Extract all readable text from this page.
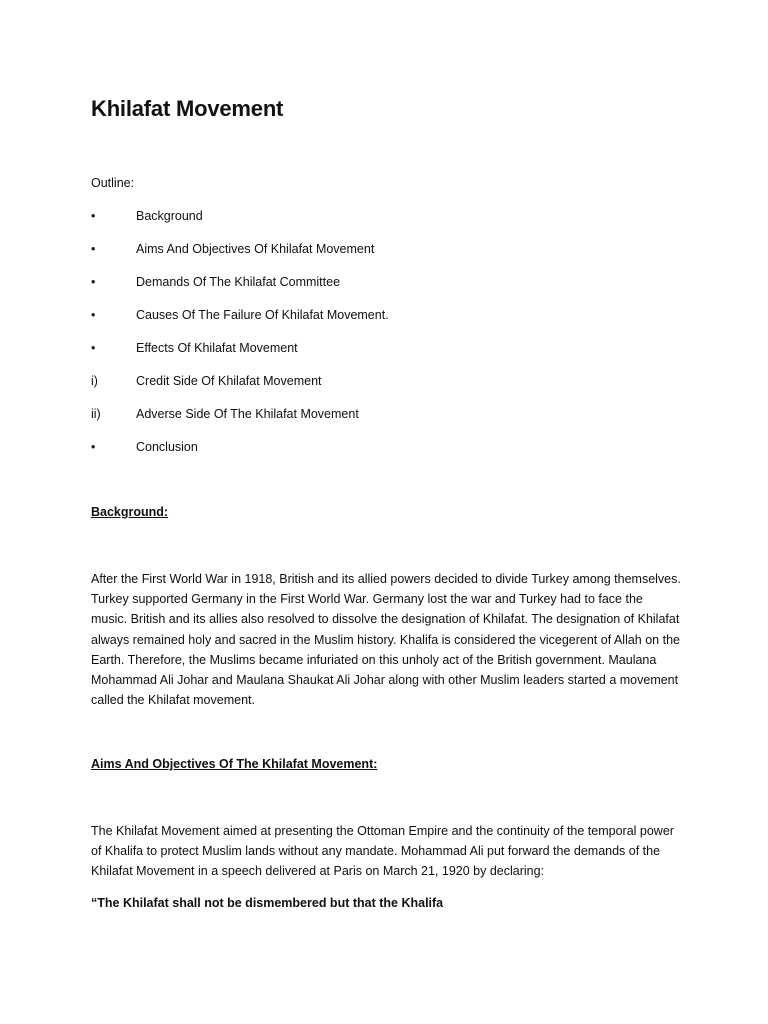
Khilafat Movement
Outline:
•	Background
•	Aims And Objectives Of Khilafat Movement
•	Demands Of The Khilafat Committee
•	Causes Of The Failure Of Khilafat Movement.
•	Effects Of Khilafat Movement
i)	Credit Side Of Khilafat Movement
ii)	Adverse Side Of The Khilafat Movement
•	Conclusion
Background:
After the First World War in 1918, British and its allied powers decided to divide Turkey among themselves. Turkey supported Germany in the First World War. Germany lost the war and Turkey had to face the music. British and its allies also resolved to dissolve the designation of Khilafat. The designation of Khilafat always remained holy and sacred in the Muslim history. Khalifa is considered the vicegerent of Allah on the Earth. Therefore, the Muslims became infuriated on this unholy act of the British government. Maulana Mohammad Ali Johar and Maulana Shaukat Ali Johar along with other Muslim leaders started a movement called the Khilafat movement.
Aims And Objectives Of The Khilafat Movement:
The Khilafat Movement aimed at presenting the Ottoman Empire and the continuity of the temporal power of Khalifa to protect Muslim lands without any mandate. Mohammad Ali put forward the demands of the Khilafat Movement in a speech delivered at Paris on March 21, 1920 by declaring:
“The Khilafat shall not be dismembered but that the Khalifa
